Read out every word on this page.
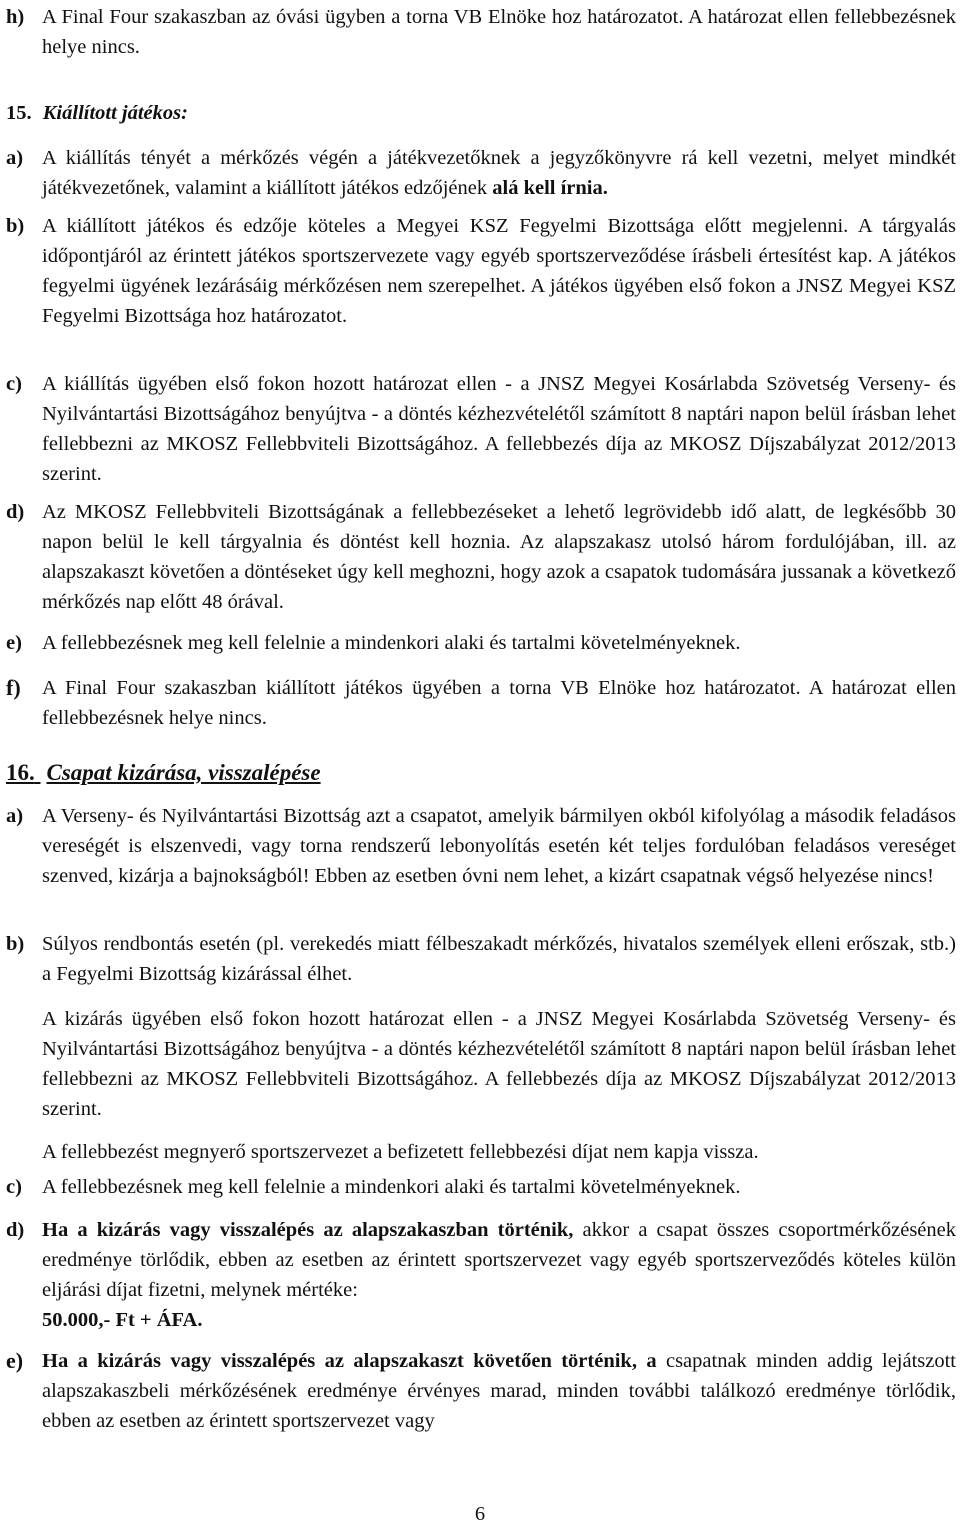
h) A Final Four szakaszban az óvási ügyben a torna VB Elnöke hoz határozatot. A határozat ellen fellebbezésnek helye nincs.
15. Kiállított játékos:
a) A kiállítás tényét a mérkőzés végén a játékvezetőknek a jegyzőkönyvre rá kell vezetni, melyet mindkét játékvezetőnek, valamint a kiállított játékos edzőjének alá kell írnia.
b) A kiállított játékos és edzője köteles a Megyei KSZ Fegyelmi Bizottsága előtt megjelenni. A tárgyalás időpontjáról az érintett játékos sportszervezete vagy egyéb sportszerveződése írásbeli értesítést kap. A játékos fegyelmi ügyének lezárásáig mérkőzésen nem szerepelhet. A játékos ügyében első fokon a JNSZ Megyei KSZ Fegyelmi Bizottsága hoz határozatot.
c) A kiállítás ügyében első fokon hozott határozat ellen - a JNSZ Megyei Kosárlabda Szövetség Verseny- és Nyilvántartási Bizottságához benyújtva - a döntés kézhezvételétől számított 8 naptári napon belül írásban lehet fellebbezni az MKOSZ Fellebbviteli Bizottságához. A fellebbezés díja az MKOSZ Díjszabályzat 2012/2013 szerint.
d) Az MKOSZ Fellebbviteli Bizottságának a fellebbezéseket a lehető legrövidebb idő alatt, de legkésőbb 30 napon belül le kell tárgyalnia és döntést kell hoznia. Az alapszakasz utolsó három fordulójában, ill. az alapszakaszt követően a döntéseket úgy kell meghozni, hogy azok a csapatok tudomására jussanak a következő mérkőzés nap előtt 48 órával.
e) A fellebbezésnek meg kell felelnie a mindenkori alaki és tartalmi követelményeknek.
f)	A Final Four szakaszban kiállított játékos ügyében a torna VB Elnöke hoz határozatot. A határozat ellen fellebbezésnek helye nincs.
16. Csapat kizárása, visszalépése
a) A Verseny- és Nyilvántartási Bizottság azt a csapatot, amelyik bármilyen okból kifolyólag a második feladásos vereségét is elszenvedi, vagy torna rendszerű lebonyolítás esetén két teljes fordulóban feladásos vereséget szenved, kizárja a bajnokságból! Ebben az esetben óvni nem lehet, a kizárt csapatnak végső helyezése nincs!
b) Súlyos rendbontás esetén (pl. verekedés miatt félbeszakadt mérkőzés, hivatalos személyek elleni erőszak, stb.) a Fegyelmi Bizottság kizárással élhet.
A kizárás ügyében első fokon hozott határozat ellen - a JNSZ Megyei Kosárlabda Szövetség Verseny- és Nyilvántartási Bizottságához benyújtva - a döntés kézhezvételétől számított 8 naptári napon belül írásban lehet fellebbezni az MKOSZ Fellebbviteli Bizottságához. A fellebbezés díja az MKOSZ Díjszabályzat 2012/2013 szerint.
A fellebbezést megnyerő sportszervezet a befizetett fellebbezési díjat nem kapja vissza.
c) A fellebbezésnek meg kell felelnie a mindenkori alaki és tartalmi követelményeknek.
d) Ha a kizárás vagy visszalépés az alapszakaszban történik, akkor a csapat összes csoportmérkőzésének eredménye törlődik, ebben az esetben az érintett sportszervezet vagy egyéb sportszerveződés köteles külön eljárási díjat fizetni, melynek mértéke:
50.000,- Ft + ÁFA.
e) Ha a kizárás vagy visszalépés az alapszakaszt követően történik, a csapatnak minden addig lejátszott alapszakaszbeli mérkőzésének eredménye érvényes marad, minden további találkozó eredménye törlődik, ebben az esetben az érintett sportszervezet vagy
6
